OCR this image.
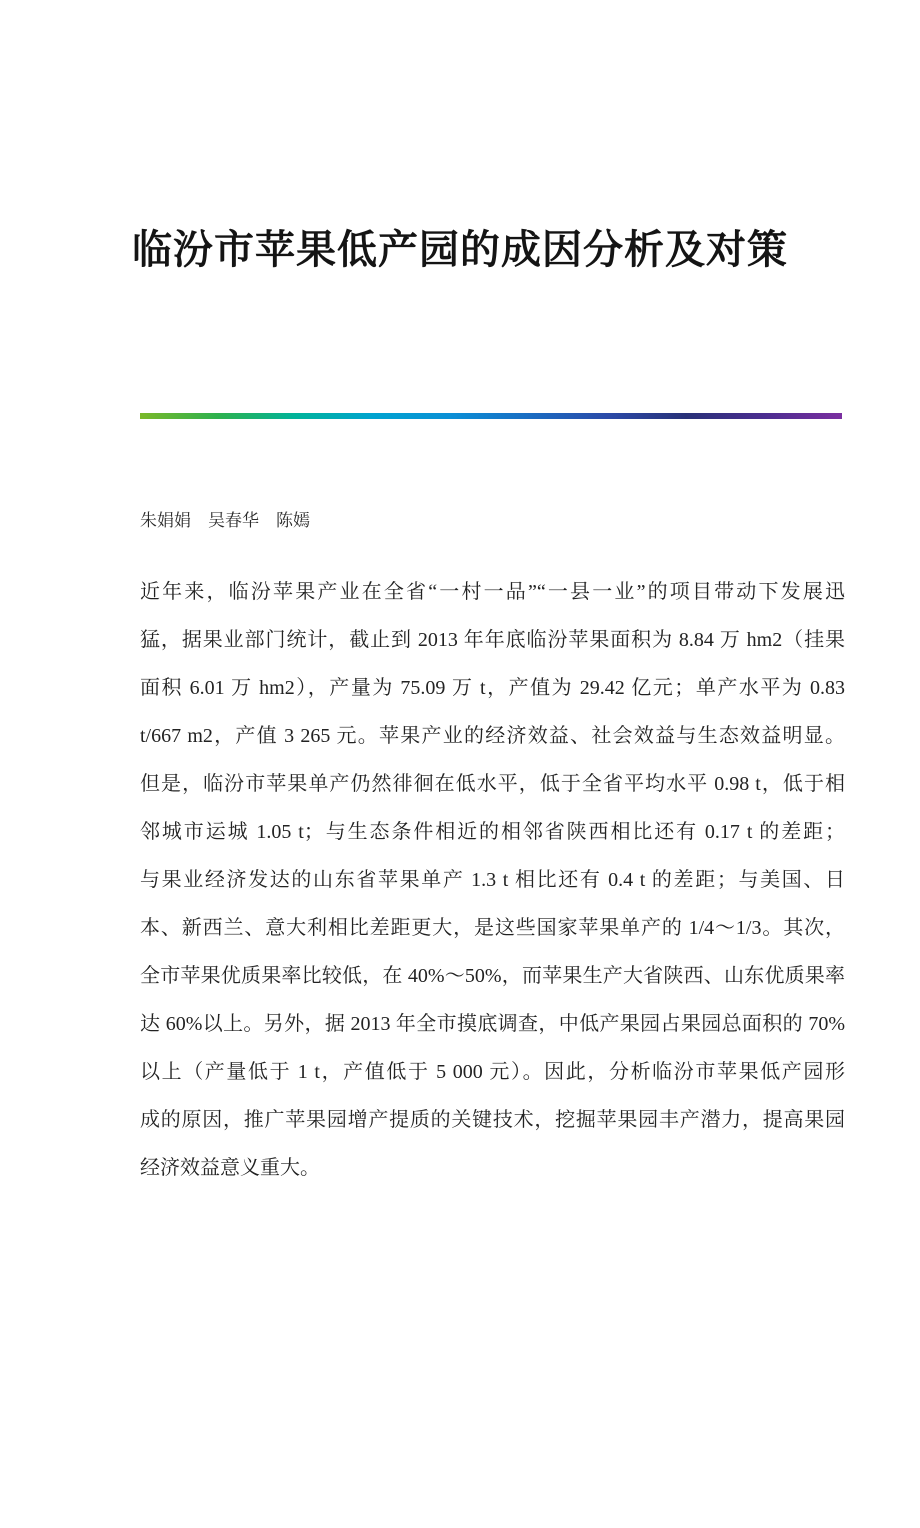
临汾市苹果低产园的成因分析及对策
朱娟娟　吴春华　陈嫣
近年来，临汾苹果产业在全省“一村一品”“一县一业”的项目带动下发展迅
猛，据果业部门统计，截止到 2013 年年底临汾苹果面积为 8.84 万 hm2（挂果
面积 6.01 万 hm2），产量为 75.09 万 t，产值为 29.42 亿元；单产水平为 0.83
t/667 m2，产值 3 265 元。苹果产业的经济效益、社会效益与生态效益明显。
但是，临汾市苹果单产仍然徘徊在低水平，低于全省平均水平 0.98 t，低于相
邻城市运城 1.05 t；与生态条件相近的相邻省陕西相比还有 0.17 t 的差距；
与果业经济发达的山东省苹果单产 1.3 t 相比还有 0.4 t 的差距；与美国、日
本、新西兰、意大利相比差距更大，是这些国家苹果单产的 1/4～1/3。其次，
全市苹果优质果率比较低，在 40%～50%，而苹果生产大省陕西、山东优质果率
达 60%以上。另外，据 2013 年全市摸底调查，中低产果园占果园总面积的 70%
以上（产量低于 1 t，产值低于 5 000 元）。因此，分析临汾市苹果低产园形
成的原因，推广苹果园增产提质的关键技术，挖掘苹果园丰产潜力，提高果园
经济效益意义重大。
